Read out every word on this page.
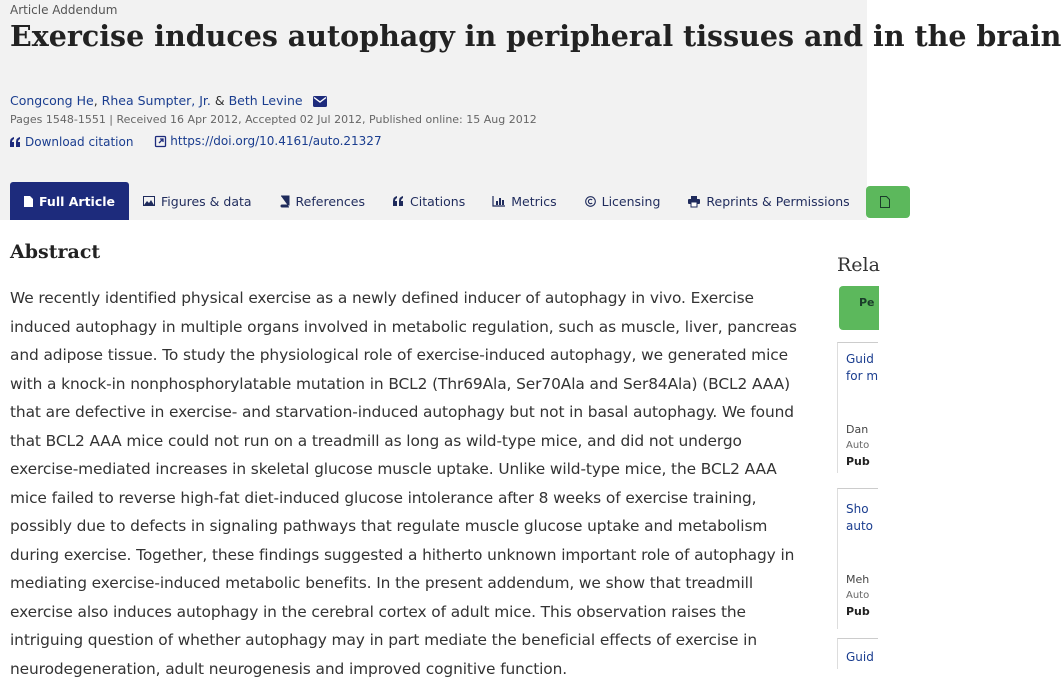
Article Addendum
Exercise induces autophagy in peripheral tissues and in the brain
Congcong He, Rhea Sumpter, Jr. & Beth Levine
Pages 1548-1551 | Received 16 Apr 2012, Accepted 02 Jul 2012, Published online: 15 Aug 2012
Download citation
	https://doi.org/10.4161/auto.21327
Full Article	Figures & data	References	Citations	Metrics	Licensing	Reprints & Permissions
Abstract

We recently identified physical exercise as a newly defined inducer of autophagy in vivo. Exercise induced autophagy in multiple organs involved in metabolic regulation, such as muscle, liver, pancreas and adipose tissue. To study the physiological role of exercise-induced autophagy, we generated mice with a knock-in nonphosphorylatable mutation in BCL2 (Thr69Ala, Ser70Ala and Ser84Ala) (BCL2 AAA) that are defective in exercise- and starvation-induced autophagy but not in basal autophagy. We found that BCL2 AAA mice could not run on a treadmill as long as wild-type mice, and did not undergo exercise-mediated increases in skeletal glucose muscle uptake. Unlike wild-type mice, the BCL2 AAA mice failed to reverse high-fat diet-induced glucose intolerance after 8 weeks of exercise training, possibly due to defects in signaling pathways that regulate muscle glucose uptake and metabolism during exercise. Together, these findings suggested a hitherto unknown important role of autophagy in mediating exercise-induced metabolic benefits. In the present addendum, we show that treadmill exercise also induces autophagy in the cerebral cortex of adult mice. This observation raises the intriguing question of whether autophagy may in part mediate the beneficial effects of exercise in neurodegeneration, adult neurogenesis and improved cognitive function.

Rela
Pe
Guid
for m
Dan
Auto
Pub
Sho
auto
Meh
Auto
Pub
Guid
